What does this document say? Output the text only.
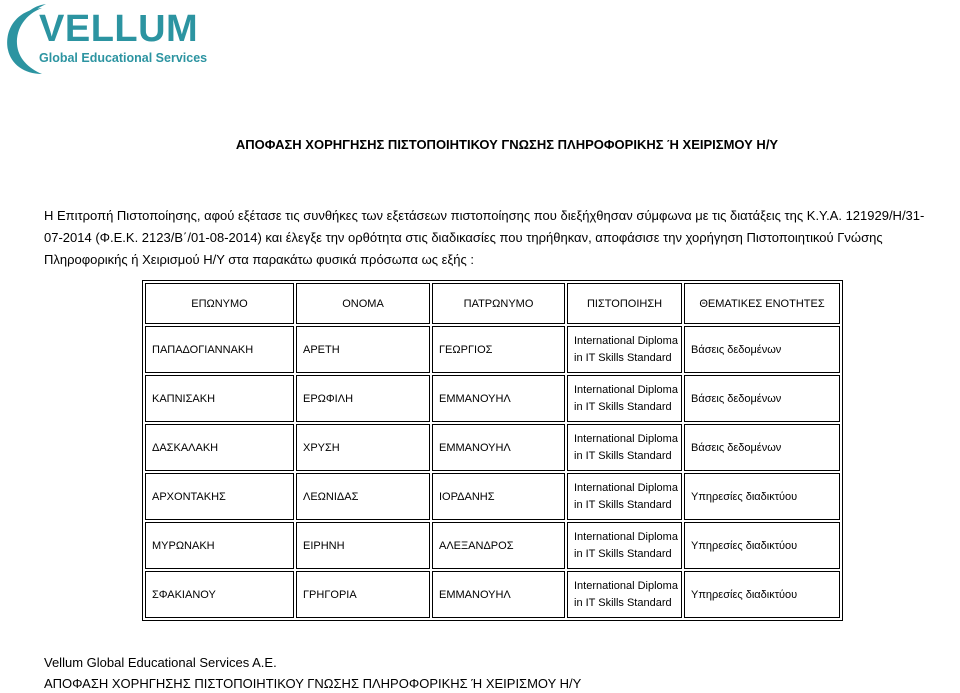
VELLUM
Global Educational Services
ΑΠΟΦΑΣΗ ΧΟΡΗΓΗΣΗΣ ΠΙΣΤΟΠΟΙΗΤΙΚΟΥ ΓΝΩΣΗΣ ΠΛΗΡΟΦΟΡΙΚΗΣ Ή ΧΕΙΡΙΣΜΟΥ Η/Υ
Η Επιτροπή Πιστοποίησης, αφού εξέτασε τις συνθήκες των εξετάσεων πιστοποίησης που διεξήχθησαν σύμφωνα με τις διατάξεις της Κ.Υ.Α. 121929/Η/31-
07-2014 (Φ.Ε.Κ. 2123/Β΄/01-08-2014) και έλεγξε την ορθότητα στις διαδικασίες που τηρήθηκαν, αποφάσισε την χορήγηση Πιστοποιητικού Γνώσης
Πληροφορικής ή Χειρισμού Η/Υ στα παρακάτω φυσικά πρόσωπα ως εξής :
ΕΠΩΝΥΜΟ	ΟΝΟΜΑ	ΠΑΤΡΩΝΥΜΟ	ΠΙΣΤΟΠΟΙΗΣΗ	ΘΕΜΑΤΙΚΕΣ ΕΝΟΤΗΤΕΣ
ΠΑΠΑΔΟΓΙΑΝΝΑΚΗ	ΑΡΕΤΗ	ΓΕΩΡΓΙΟΣ	International Diploma
in IT Skills Standard	Βάσεις δεδομένων
ΚΑΠΝΙΣΑΚΗ	ΕΡΩΦΙΛΗ	ΕΜΜΑΝΟΥΗΛ	International Diploma
in IT Skills Standard	Βάσεις δεδομένων
ΔΑΣΚΑΛΑΚΗ	ΧΡΥΣΗ	ΕΜΜΑΝΟΥΗΛ	International Diploma
in IT Skills Standard	Βάσεις δεδομένων
ΑΡΧΟΝΤΑΚΗΣ	ΛΕΩΝΙΔΑΣ	ΙΟΡΔΑΝΗΣ	International Diploma
in IT Skills Standard	Υπηρεσίες διαδικτύου
ΜΥΡΩΝΑΚΗ	ΕΙΡΗΝΗ	ΑΛΕΞΑΝΔΡΟΣ	International Diploma
in IT Skills Standard	Υπηρεσίες διαδικτύου
ΣΦΑΚΙΑΝΟΥ	ΓΡΗΓΟΡΙΑ	ΕΜΜΑΝΟΥΗΛ	International Diploma
in IT Skills Standard	Υπηρεσίες διαδικτύου
Vellum Global Educational Services A.E.
ΑΠΟΦΑΣΗ ΧΟΡΗΓΗΣΗΣ ΠΙΣΤΟΠΟΙΗΤΙΚΟΥ ΓΝΩΣΗΣ ΠΛΗΡΟΦΟΡΙΚΗΣ Ή ΧΕΙΡΙΣΜΟΥ Η/Υ
